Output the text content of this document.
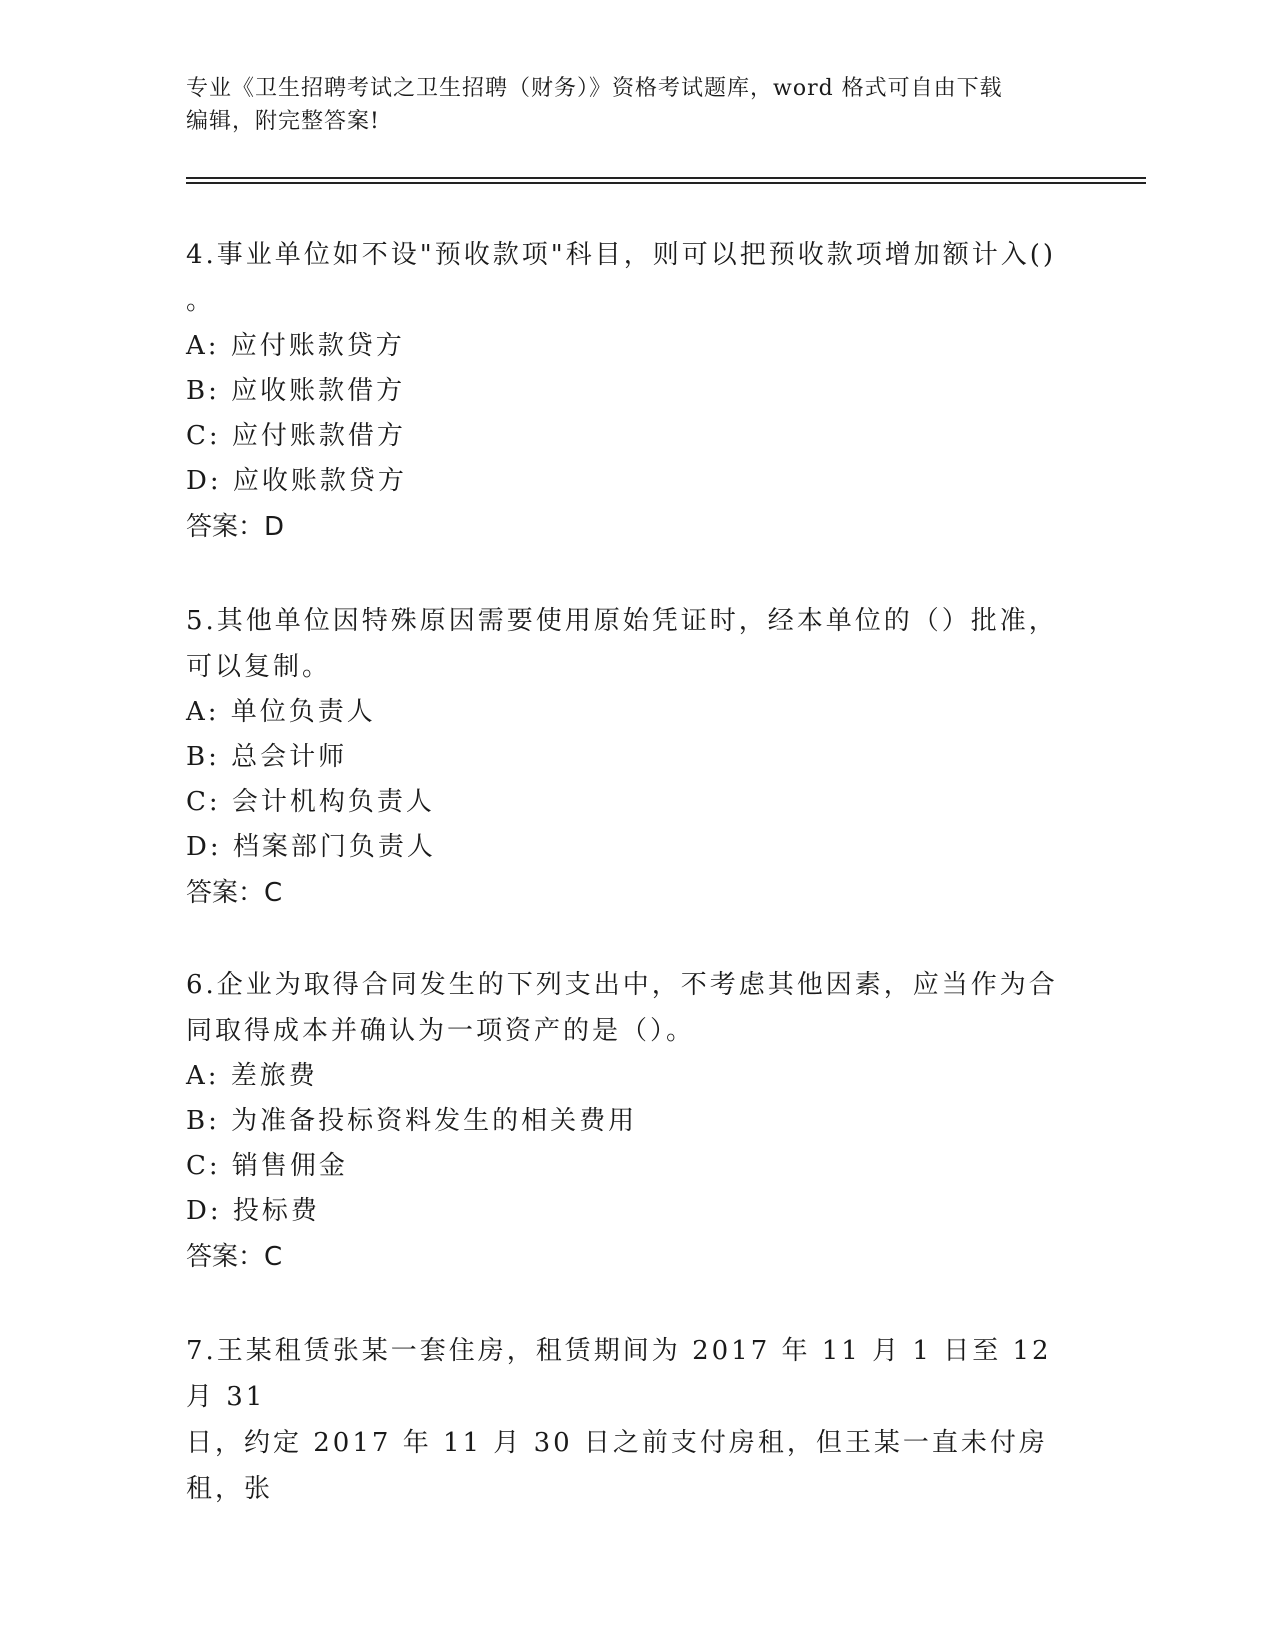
专业《卫生招聘考试之卫生招聘（财务）》资格考试题库，word 格式可自由下载
编辑，附完整答案!

4.事业单位如不设"预收款项"科目，则可以把预收款项增加额计入()

。

A: 应付账款贷方

B: 应收账款借方

C: 应付账款借方

D: 应收账款贷方

答案：D

5.其他单位因特殊原因需要使用原始凭证时，经本单位的（）批准，

可以复制。

A: 单位负责人

B: 总会计师

C: 会计机构负责人

D: 档案部门负责人

答案：C

6.企业为取得合同发生的下列支出中，不考虑其他因素，应当作为合

同取得成本并确认为一项资产的是（）。

A: 差旅费

B: 为准备投标资料发生的相关费用

C: 销售佣金

D: 投标费

答案：C

7.王某租赁张某一套住房，租赁期间为 2017 年 11 月 1 日至 12 月 31

日，约定 2017 年 11 月 30 日之前支付房租，但王某一直未付房租，张
